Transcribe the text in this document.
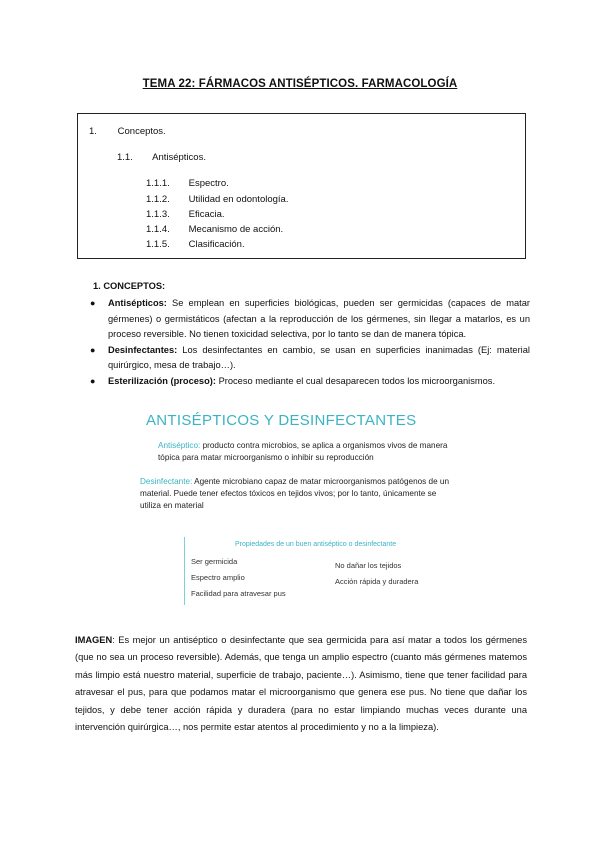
TEMA 22: FÁRMACOS ANTISÉPTICOS. FARMACOLOGÍA
1. Conceptos.
1.1. Antisépticos.
1.1.1. Espectro.
1.1.2. Utilidad en odontología.
1.1.3. Eficacia.
1.1.4. Mecanismo de acción.
1.1.5. Clasificación.
1. CONCEPTOS:
● Antisépticos: Se emplean en superficies biológicas, pueden ser germicidas (capaces de matar gérmenes) o germistáticos (afectan a la reproducción de los gérmenes, sin llegar a matarlos, es un proceso reversible. No tienen toxicidad selectiva, por lo tanto se dan de manera tópica.
● Desinfectantes: Los desinfectantes en cambio, se usan en superficies inanimadas (Ej: material quirúrgico, mesa de trabajo…).
● Esterilización (proceso): Proceso mediante el cual desaparecen todos los microorganismos.
ANTISÉPTICOS Y DESINFECTANTES
Antiséptico: producto contra microbios, se aplica a organismos vivos de manera
tópica para matar microorganismo o inhibir su reproducción
Desinfectante: Agente microbiano capaz de matar microorganismos patógenos de un
material. Puede tener efectos tóxicos en tejidos vivos; por lo tanto, únicamente se
utiliza en material
Propiedades de un buen antiséptico o desinfectante
Ser germicida
Espectro amplio
Facilidad para atravesar pus
No dañar los tejidos
Acción rápida y duradera
IMAGEN: Es mejor un antiséptico o desinfectante que sea germicida para así matar a todos los gérmenes (que no sea un proceso reversible). Además, que tenga un amplio espectro (cuanto más gérmenes matemos más limpio está nuestro material, superficie de trabajo, paciente…). Asimismo, tiene que tener facilidad para atravesar el pus, para que podamos matar el microorganismo que genera ese pus. No tiene que dañar los tejidos, y debe tener acción rápida y duradera (para no estar limpiando muchas veces durante una intervención quirúrgica…, nos permite estar atentos al procedimiento y no a la limpieza).
